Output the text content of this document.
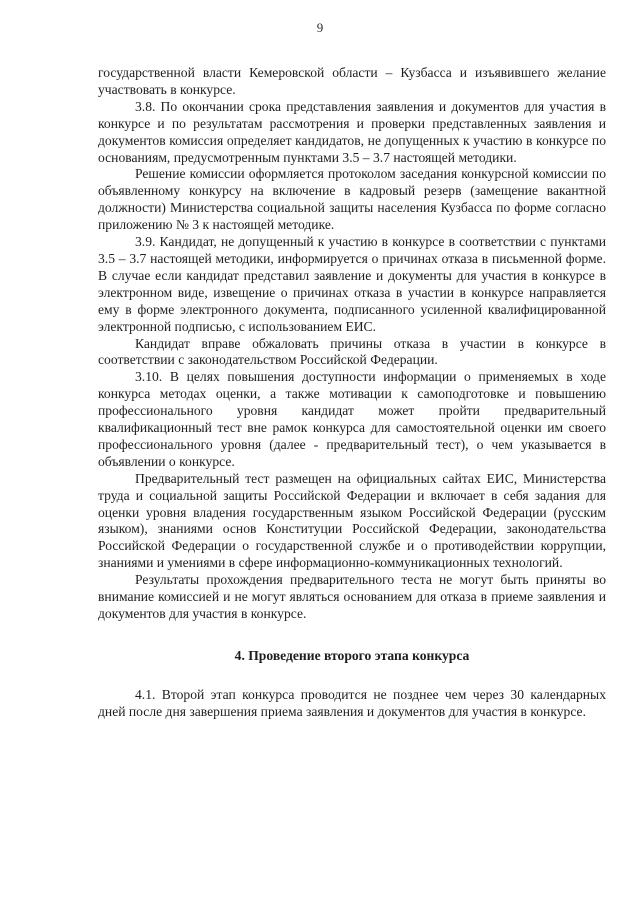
9

государственной власти Кемеровской области – Кузбасса и изъявившего желание участвовать в конкурсе.

3.8. По окончании срока представления заявления и документов для участия в конкурсе и по результатам рассмотрения и проверки представленных заявления и документов комиссия определяет кандидатов, не допущенных к участию в конкурсе по основаниям, предусмотренным пунктами 3.5 – 3.7 настоящей методики.

Решение комиссии оформляется протоколом заседания конкурсной комиссии по объявленному конкурсу на включение в кадровый резерв (замещение вакантной должности) Министерства социальной защиты населения Кузбасса по форме согласно приложению № 3 к настоящей методике.

3.9. Кандидат, не допущенный к участию в конкурсе в соответствии с пунктами 3.5 – 3.7 настоящей методики, информируется о причинах отказа в письменной форме. В случае если кандидат представил заявление и документы для участия в конкурсе в электронном виде, извещение о причинах отказа в участии в конкурсе направляется ему в форме электронного документа, подписанного усиленной квалифицированной электронной подписью, с использованием ЕИС.

Кандидат вправе обжаловать причины отказа в участии в конкурсе в соответствии с законодательством Российской Федерации.

3.10. В целях повышения доступности информации о применяемых в ходе конкурса методах оценки, а также мотивации к самоподготовке и повышению профессионального уровня кандидат может пройти предварительный квалификационный тест вне рамок конкурса для самостоятельной оценки им своего профессионального уровня (далее - предварительный тест), о чем указывается в объявлении о конкурсе.

Предварительный тест размещен на официальных сайтах ЕИС, Министерства труда и социальной защиты Российской Федерации и включает в себя задания для оценки уровня владения государственным языком Российской Федерации (русским языком), знаниями основ Конституции Российской Федерации, законодательства Российской Федерации о государственной службе и о противодействии коррупции, знаниями и умениями в сфере информационно-коммуникационных технологий.

Результаты прохождения предварительного теста не могут быть приняты во внимание комиссией и не могут являться основанием для отказа в приеме заявления и документов для участия в конкурсе.

4. Проведение второго этапа конкурса

4.1. Второй этап конкурса проводится не позднее чем через 30 календарных дней после дня завершения приема заявления и документов для участия в конкурсе.
